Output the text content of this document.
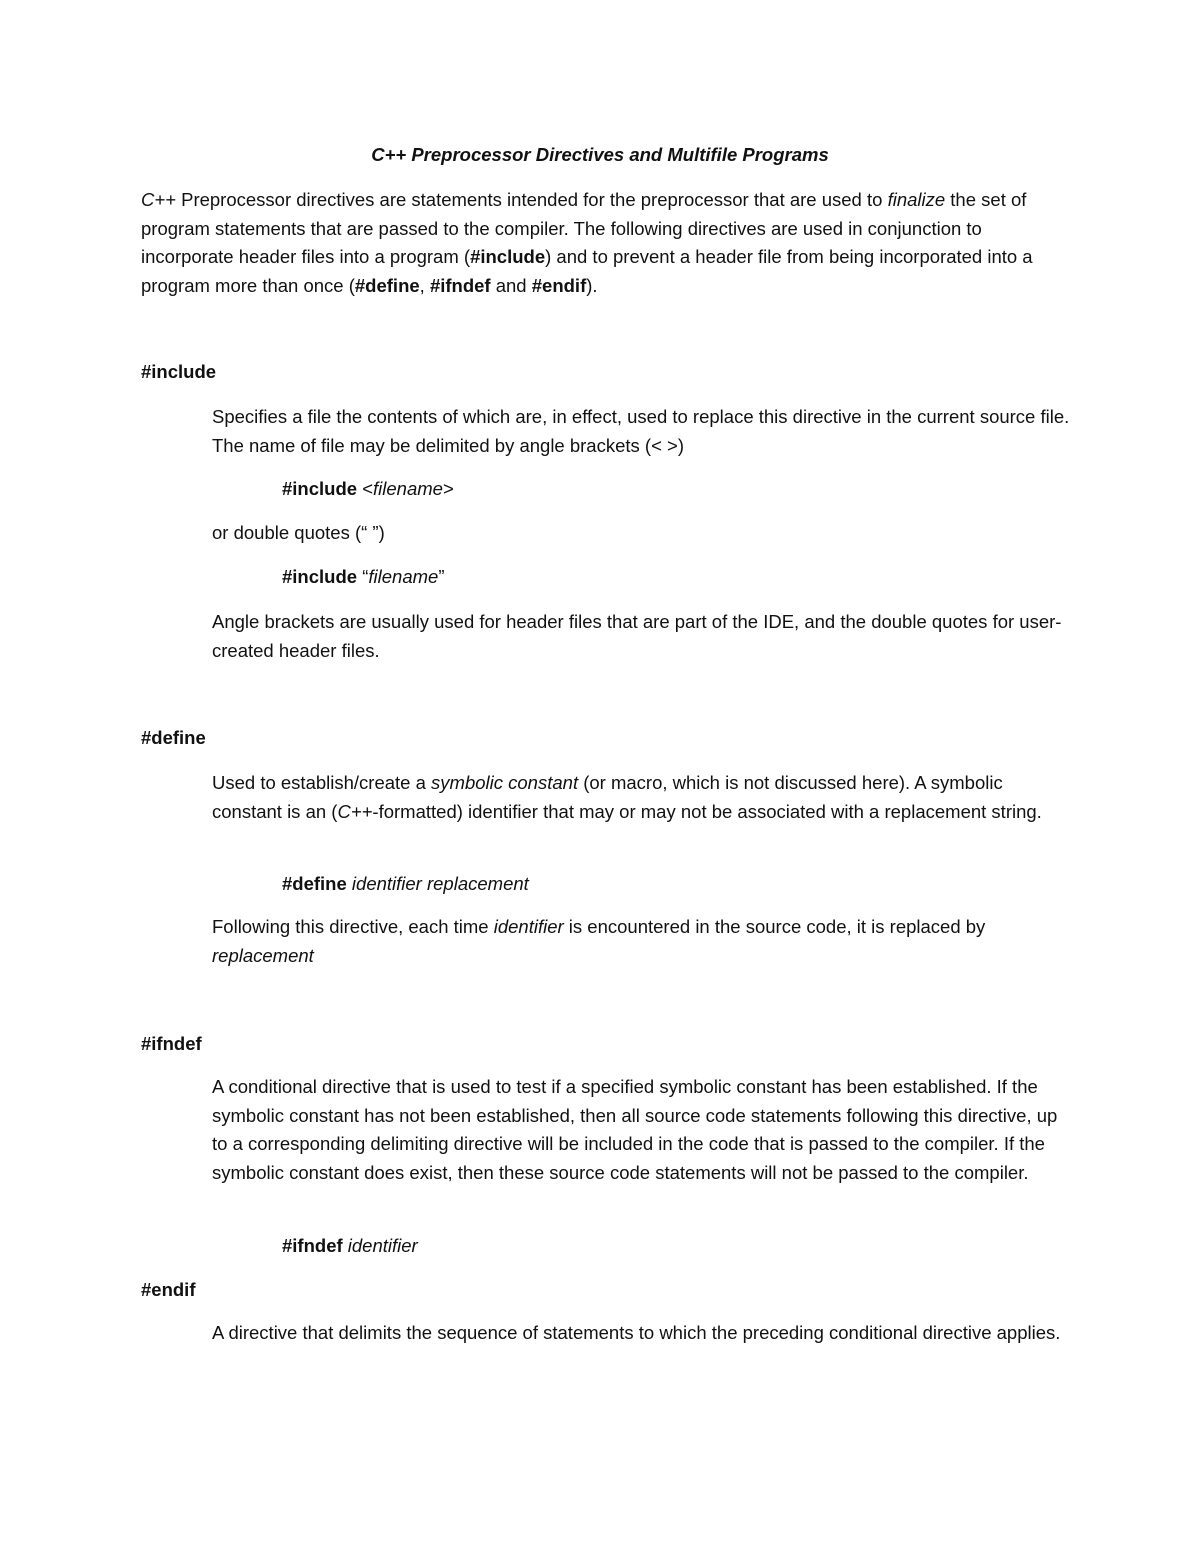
C++ Preprocessor Directives and Multifile Programs

C++ Preprocessor directives are statements intended for the preprocessor that are used to finalize the set of program statements that are passed to the compiler. The following directives are used in conjunction to incorporate header files into a program (#include) and to prevent a header file from being incorporated into a program more than once (#define, #ifndef and #endif).

#include

Specifies a file the contents of which are, in effect, used to replace this directive in the current source file. The name of file may be delimited by angle brackets (< >)

#include <filename>

or double quotes (“ ”)

#include “filename”

Angle brackets are usually used for header files that are part of the IDE, and the double quotes for user-created header files.

#define

Used to establish/create a symbolic constant (or macro, which is not discussed here). A symbolic constant is an (C++-formatted) identifier that may or may not be associated with a replacement string.

#define identifier replacement

Following this directive, each time identifier is encountered in the source code, it is replaced by replacement

#ifndef

A conditional directive that is used to test if a specified symbolic constant has been established. If the symbolic constant has not been established, then all source code statements following this directive, up to a corresponding delimiting directive will be included in the code that is passed to the compiler. If the symbolic constant does exist, then these source code statements will not be passed to the compiler.

#ifndef identifier

#endif

A directive that delimits the sequence of statements to which the preceding conditional directive applies.
